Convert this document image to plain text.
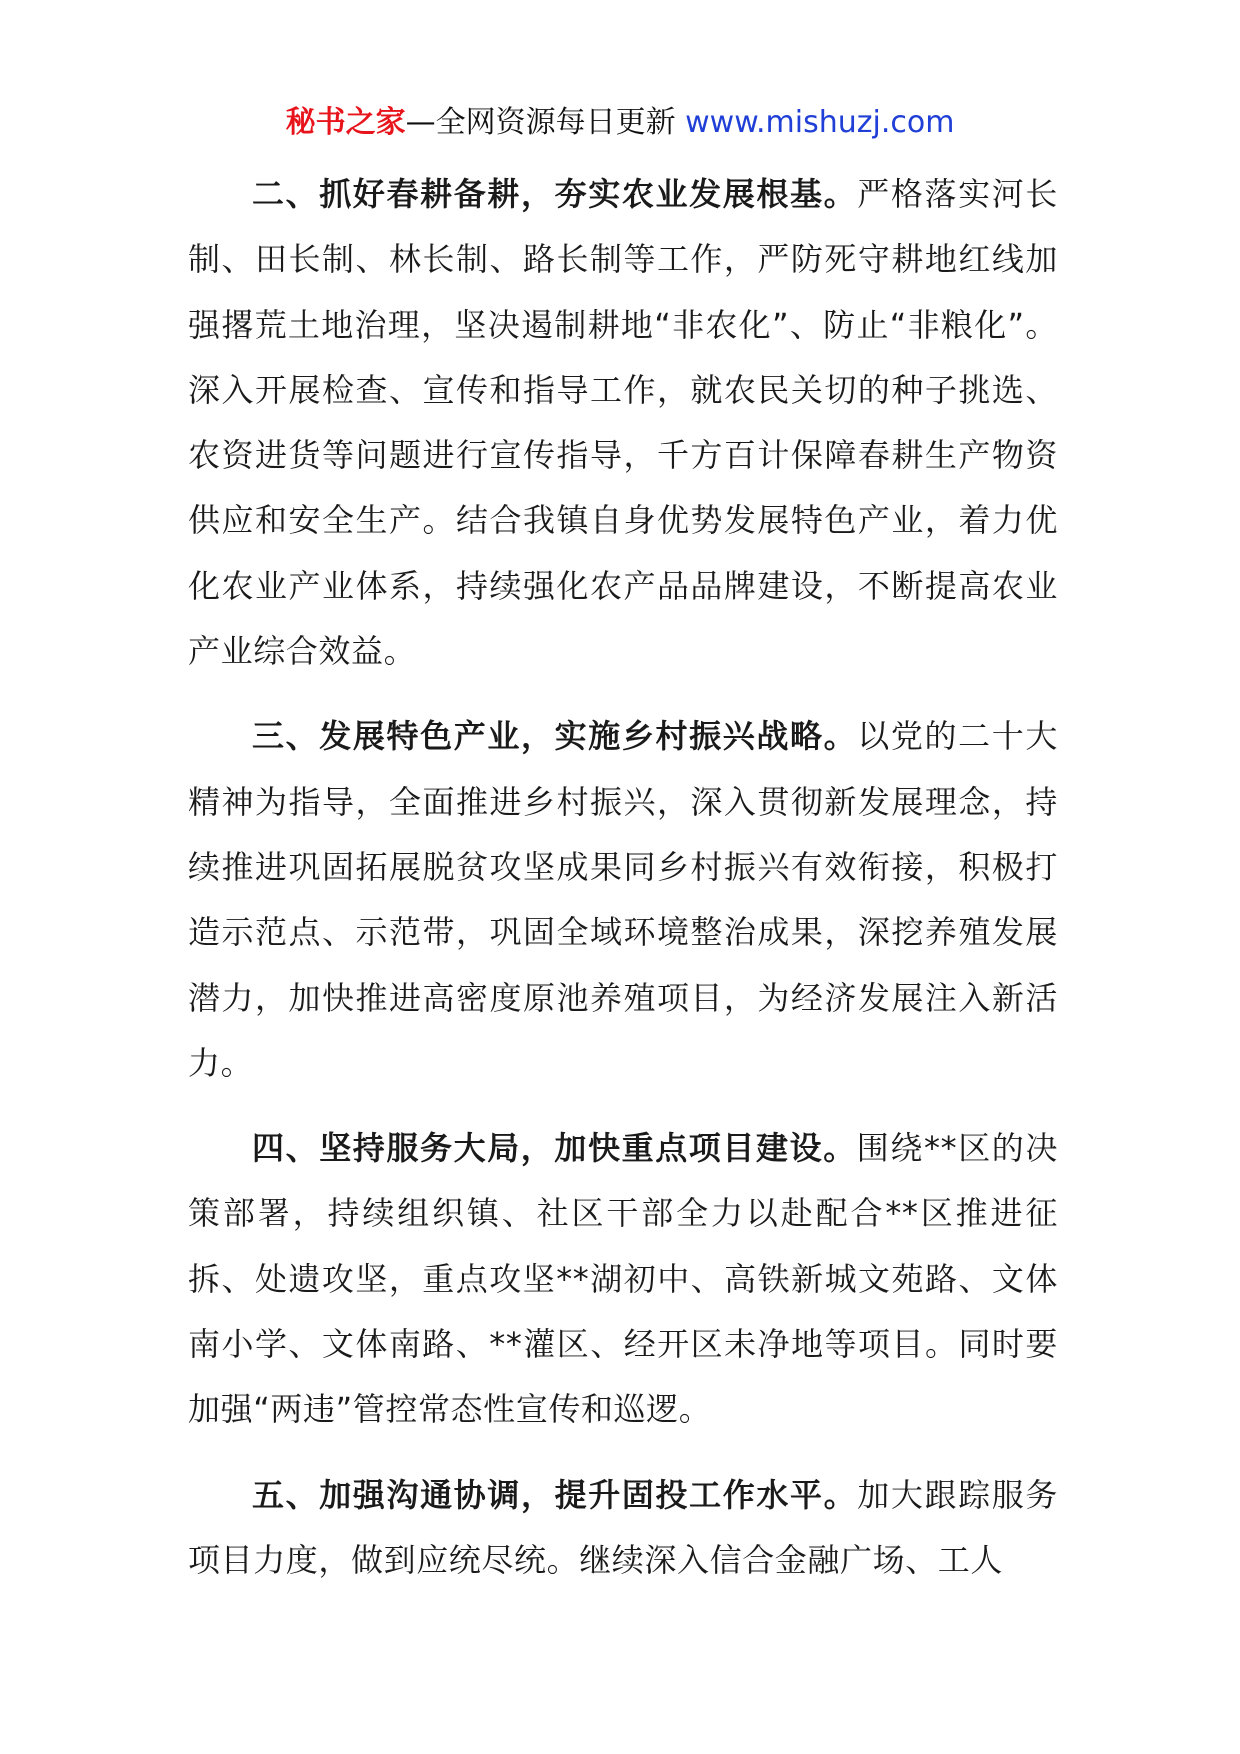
秘书之家—全网资源每日更新 www.mishuzj.com

二、抓好春耕备耕，夯实农业发展根基。严格落实河长制、田长制、林长制、路长制等工作，严防死守耕地红线加强撂荒土地治理，坚决遏制耕地“非农化”、防止“非粮化”。深入开展检查、宣传和指导工作，就农民关切的种子挑选、农资进货等问题进行宣传指导，千方百计保障春耕生产物资供应和安全生产。结合我镇自身优势发展特色产业，着力优化农业产业体系，持续强化农产品品牌建设，不断提高农业产业综合效益。

三、发展特色产业，实施乡村振兴战略。以党的二十大精神为指导，全面推进乡村振兴，深入贯彻新发展理念，持续推进巩固拓展脱贫攻坚成果同乡村振兴有效衔接，积极打造示范点、示范带，巩固全域环境整治成果，深挖养殖发展潜力，加快推进高密度原池养殖项目，为经济发展注入新活力。

四、坚持服务大局，加快重点项目建设。围绕**区的决策部署，持续组织镇、社区干部全力以赴配合**区推进征拆、处遗攻坚，重点攻坚**湖初中、高铁新城文苑路、文体南小学、文体南路、**灌区、经开区未净地等项目。同时要加强“两违”管控常态性宣传和巡逻。

五、加强沟通协调，提升固投工作水平。加大跟踪服务项目力度，做到应统尽统。继续深入信合金融广场、工人
